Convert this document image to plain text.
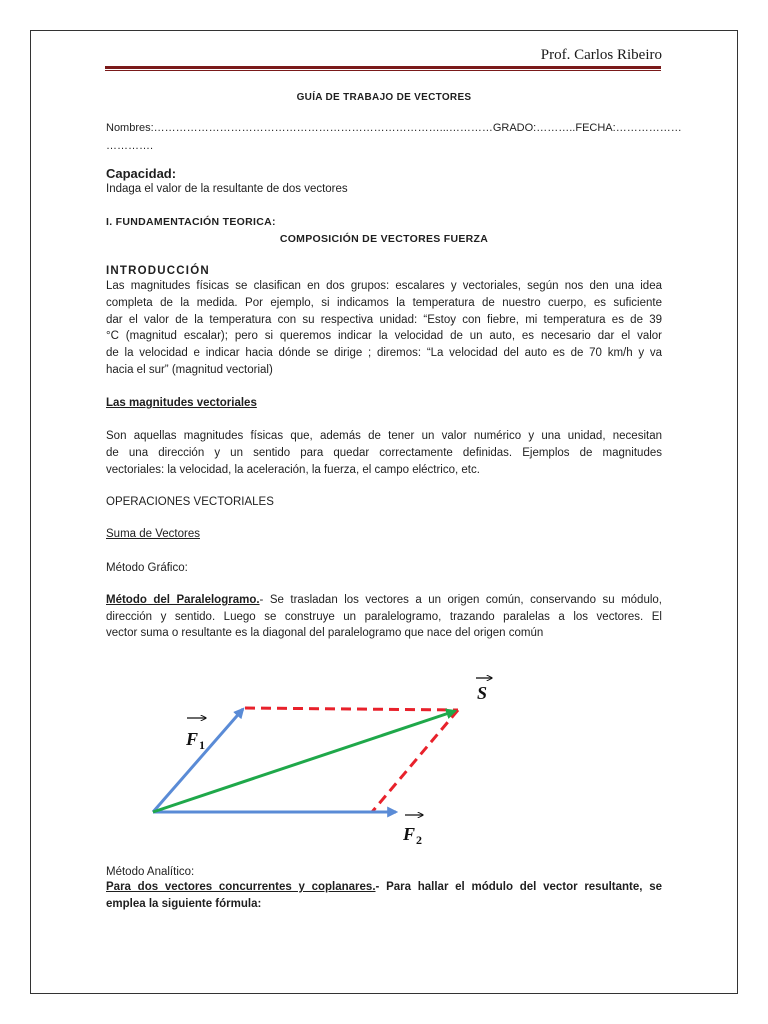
Prof. Carlos Ribeiro
GUÍA DE TRABAJO DE VECTORES
Nombres:……………………………………………………………………...…………GRADO:………..FECHA:………………
………….
Capacidad:
Indaga el valor de la resultante de dos vectores
I. FUNDAMENTACIÓN TEORICA:
COMPOSICIÓN DE VECTORES FUERZA
INTRODUCCIÓN
Las magnitudes físicas se clasifican en dos grupos: escalares y vectoriales, según nos den una idea
completa de la medida. Por ejemplo, si indicamos la temperatura de nuestro cuerpo, es suficiente
dar el valor de la temperatura con su respectiva unidad: “Estoy con fiebre, mi temperatura es de 39
°C (magnitud escalar); pero si queremos indicar la velocidad de un auto, es necesario dar el valor
de la velocidad e indicar hacia dónde se dirige ; diremos: “La velocidad del auto es de 70 km/h y va
hacia el sur” (magnitud vectorial)
Las magnitudes vectoriales
Son aquellas magnitudes físicas que, además de tener un valor numérico y una unidad, necesitan
de una dirección y un sentido para quedar correctamente definidas. Ejemplos de magnitudes
vectoriales: la velocidad, la aceleración, la fuerza, el campo eléctrico, etc.
OPERACIONES VECTORIALES
Suma de Vectores
Método Gráfico:
Método del Paralelogramo.- Se trasladan los vectores a un origen común, conservando su módulo,
dirección y sentido. Luego se construye un paralelogramo, trazando paralelas a los vectores. El
vector suma o resultante es la diagonal del paralelogramo que nace del origen común
S
F 1
F 2
Método Analítico:
Para dos vectores concurrentes y coplanares.- Para hallar el módulo del vector resultante, se
emplea la siguiente fórmula:
